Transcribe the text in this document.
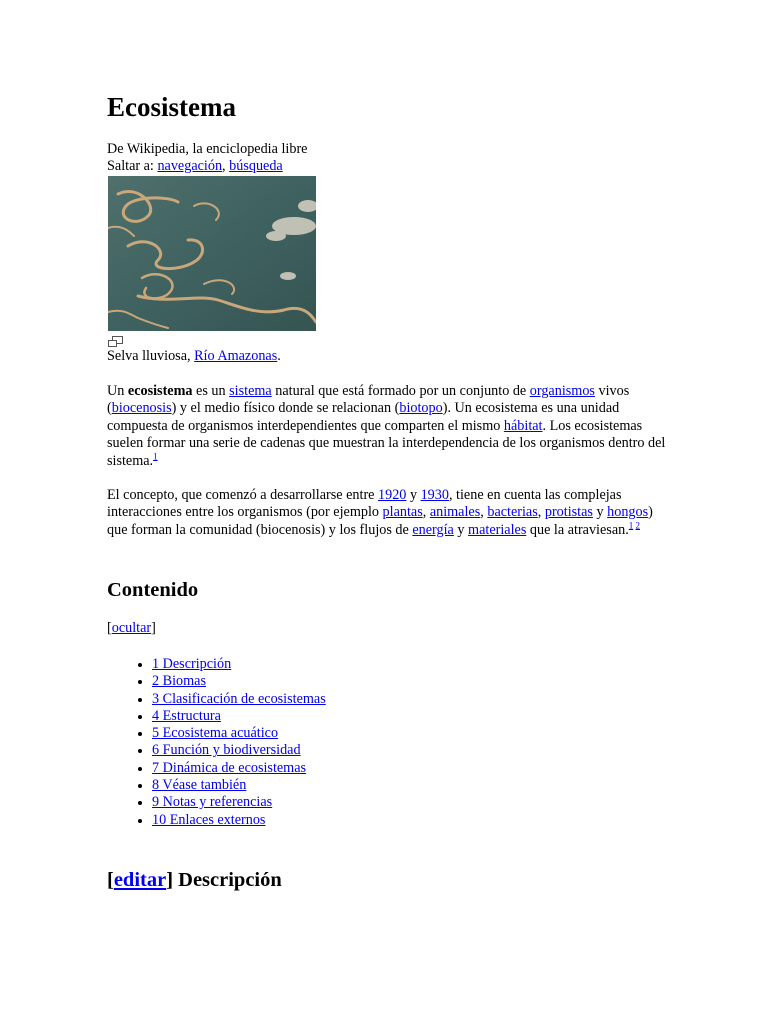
Ecosistema
De Wikipedia, la enciclopedia libre
Saltar a: navegación, búsqueda
Selva lluviosa, Río Amazonas.
Un ecosistema es un sistema natural que está formado por un conjunto de organismos vivos (biocenosis) y el medio físico donde se relacionan (biotopo). Un ecosistema es una unidad compuesta de organismos interdependientes que comparten el mismo hábitat. Los ecosistemas suelen formar una serie de cadenas que muestran la interdependencia de los organismos dentro del sistema.$^1$
El concepto, que comenzó a desarrollarse entre 1920 y 1930, tiene en cuenta las complejas interacciones entre los organismos (por ejemplo plantas, animales, bacterias, protistas y hongos) que forman la comunidad (biocenosis) y los flujos de energía y materiales que la atraviesan.$^{1 2}$
Contenido
[ocultar]
• 1 Descripción
• 2 Biomas
• 3 Clasificación de ecosistemas
• 4 Estructura
• 5 Ecosistema acuático
• 6 Función y biodiversidad
• 7 Dinámica de ecosistemas
• 8 Véase también
• 9 Notas y referencias
• 10 Enlaces externos
[editar] Descripción
